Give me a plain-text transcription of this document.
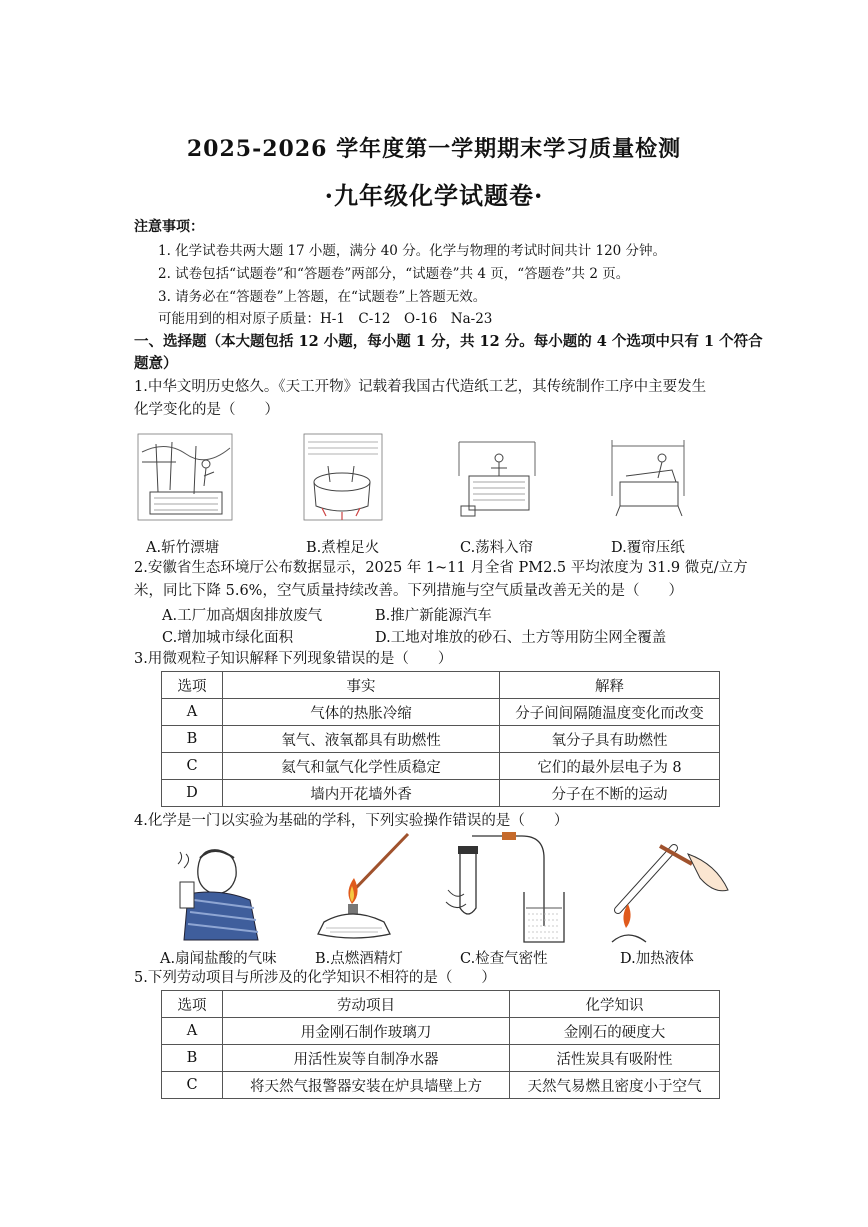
2025-2026 学年度第一学期期末学习质量检测
·九年级化学试题卷·
注意事项：
1. 化学试卷共两大题 17 小题，满分 40 分。化学与物理的考试时间共计 120 分钟。
2. 试卷包括“试题卷”和“答题卷”两部分，“试题卷”共 4 页，“答题卷”共 2 页。
3. 请务必在“答题卷”上答题，在“试题卷”上答题无效。
可能用到的相对原子质量：H-1　C-12　O-16　Na-23
一、选择题（本大题包括 12 小题，每小题 1 分，共 12 分。每小题的 4 个选项中只有 1 个符合
题意）
1.中华文明历史悠久。《天工开物》记载着我国古代造纸工艺，其传统制作工序中主要发生
化学变化的是（　　）
A.斩竹漂塘	B.煮楻足火	C.荡料入帘	D.覆帘压纸
2.安徽省生态环境厅公布数据显示，2025 年 1~11 月全省 PM2.5 平均浓度为 31.9 微克/立方
米，同比下降 5.6%，空气质量持续改善。下列措施与空气质量改善无关的是（　　）
A.工厂加高烟囱排放废气	B.推广新能源汽车
C.增加城市绿化面积	D.工地对堆放的砂石、土方等用防尘网全覆盖
3.用微观粒子知识解释下列现象错误的是（　　）
选项	事实	解释
A	气体的热胀冷缩	分子间间隔随温度变化而改变
B	氧气、液氧都具有助燃性	氧分子具有助燃性
C	氦气和氩气化学性质稳定	它们的最外层电子为 8
D	墙内开花墙外香	分子在不断的运动
4.化学是一门以实验为基础的学科，下列实验操作错误的是（　　）
A.扇闻盐酸的气味	B.点燃酒精灯	C.检查气密性	D.加热液体
5.下列劳动项目与所涉及的化学知识不相符的是（　　）
选项	劳动项目	化学知识
A	用金刚石制作玻璃刀	金刚石的硬度大
B	用活性炭等自制净水器	活性炭具有吸附性
C	将天然气报警器安装在炉具墙壁上方	天然气易燃且密度小于空气
